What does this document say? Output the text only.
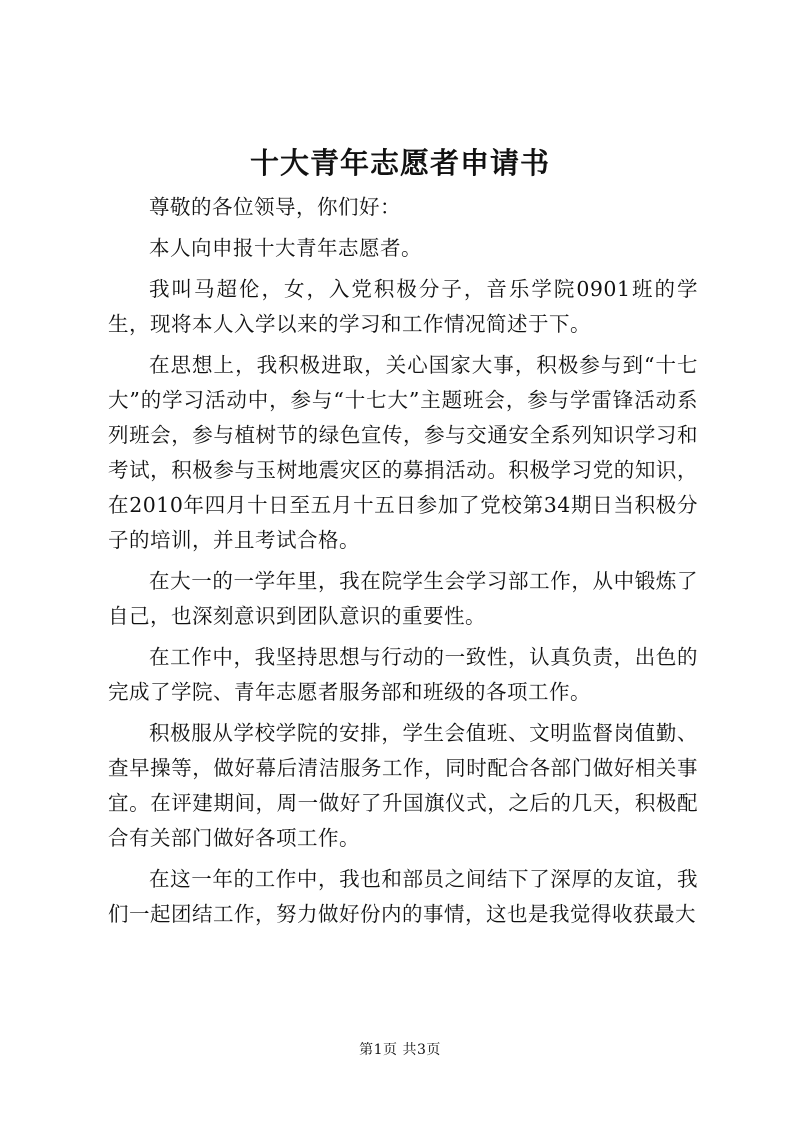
十大青年志愿者申请书

尊敬的各位领导，你们好：

本人向申报十大青年志愿者。

我叫马超伦，女，入党积极分子，音乐学院0901班的学生，现将本人入学以来的学习和工作情况简述于下。

在思想上，我积极进取，关心国家大事，积极参与到“十七大”的学习活动中，参与“十七大”主题班会，参与学雷锋活动系列班会，参与植树节的绿色宣传，参与交通安全系列知识学习和考试，积极参与玉树地震灾区的募捐活动。积极学习党的知识，在2010年四月十日至五月十五日参加了党校第34期日当积极分子的培训，并且考试合格。

在大一的一学年里，我在院学生会学习部工作，从中锻炼了自己，也深刻意识到团队意识的重要性。

在工作中，我坚持思想与行动的一致性，认真负责，出色的完成了学院、青年志愿者服务部和班级的各项工作。

积极服从学校学院的安排，学生会值班、文明监督岗值勤、查早操等，做好幕后清洁服务工作，同时配合各部门做好相关事宜。在评建期间，周一做好了升国旗仪式，之后的几天，积极配合有关部门做好各项工作。

在这一年的工作中，我也和部员之间结下了深厚的友谊，我们一起团结工作，努力做好份内的事情，这也是我觉得收获最大

第1页 共3页
